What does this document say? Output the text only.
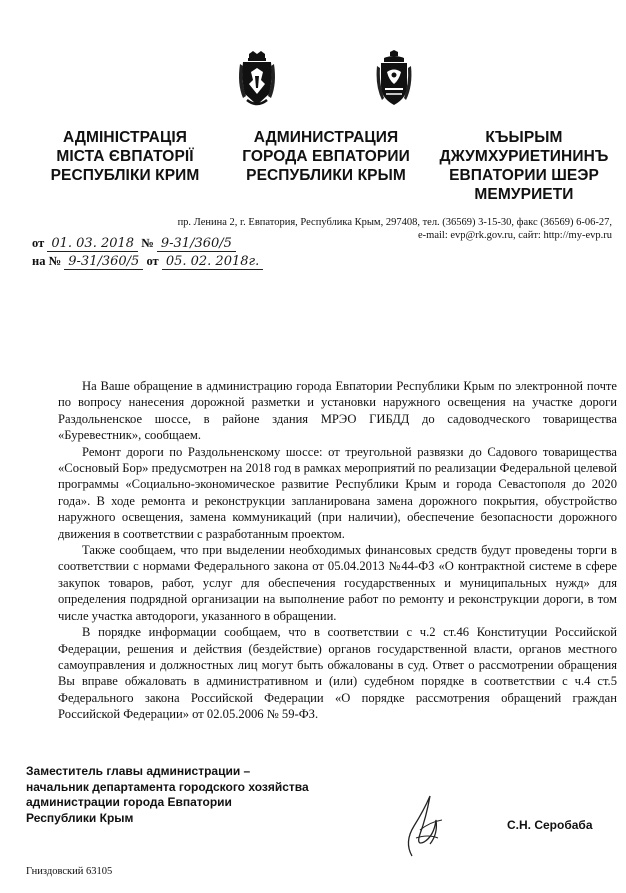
АДМІНІСТРАЦІЯ
МІСТА ЄВПАТОРІЇ
РЕСПУБЛІКИ КРИМ
АДМИНИСТРАЦИЯ
ГОРОДА ЕВПАТОРИИ
РЕСПУБЛИКИ КРЫМ
КЪЫРЫМ
ДЖУМХУРИЕТИНИНЪ
ЕВПАТОРИИ ШЕЭР
МЕМУРИЕТИ
пр. Ленина 2, г. Евпатория, Республика Крым, 297408, тел. (36569) 3-15-30, факс (36569) 6-06-27,
e-mail: evp@rk.gov.ru, сайт: http://my-evp.ru
от 01. 03. 2018 № 9-31/360/5
на № 9-31/360/5 от 05. 02. 2018г.

На Ваше обращение в администрацию города Евпатории Республики Крым по электронной почте по вопросу нанесения дорожной разметки и установки наружного освещения на участке дороги Раздольненское шоссе, в районе здания МРЭО ГИБДД до садоводческого товарищества «Буревестник», сообщаем.

Ремонт дороги по Раздольненскому шоссе: от треугольной развязки до Садового товарищества «Сосновый Бор» предусмотрен на 2018 год в рамках мероприятий по реализации Федеральной целевой программы «Социально-экономическое развитие Республики Крым и города Севастополя до 2020 года». В ходе ремонта и реконструкции запланирована замена дорожного покрытия, обустройство наружного освещения, замена коммуникаций (при наличии), обеспечение безопасности дорожного движения в соответствии с разработанным проектом.

Также сообщаем, что при выделении необходимых финансовых средств будут проведены торги в соответствии с нормами Федерального закона от 05.04.2013 №44-ФЗ «О контрактной системе в сфере закупок товаров, работ, услуг для обеспечения государственных и муниципальных нужд» для определения подрядной организации на выполнение работ по ремонту и реконструкции дороги, в том числе участка автодороги, указанного в обращении.

В порядке информации сообщаем, что в соответствии с ч.2 ст.46 Конституции Российской Федерации, решения и действия (бездействие) органов государственной власти, органов местного самоуправления и должностных лиц могут быть обжалованы в суд. Ответ о рассмотрении обращения Вы вправе обжаловать в административном и (или) судебном порядке в соответствии с ч.4 ст.5 Федерального закона Российской Федерации «О порядке рассмотрения обращений граждан Российской Федерации» от 02.05.2006 № 59-ФЗ.

Заместитель главы администрации –
начальник департамента городского хозяйства
администрации города Евпатории
Республики Крым
С.Н. Серобаба
Гниздовский 63105
